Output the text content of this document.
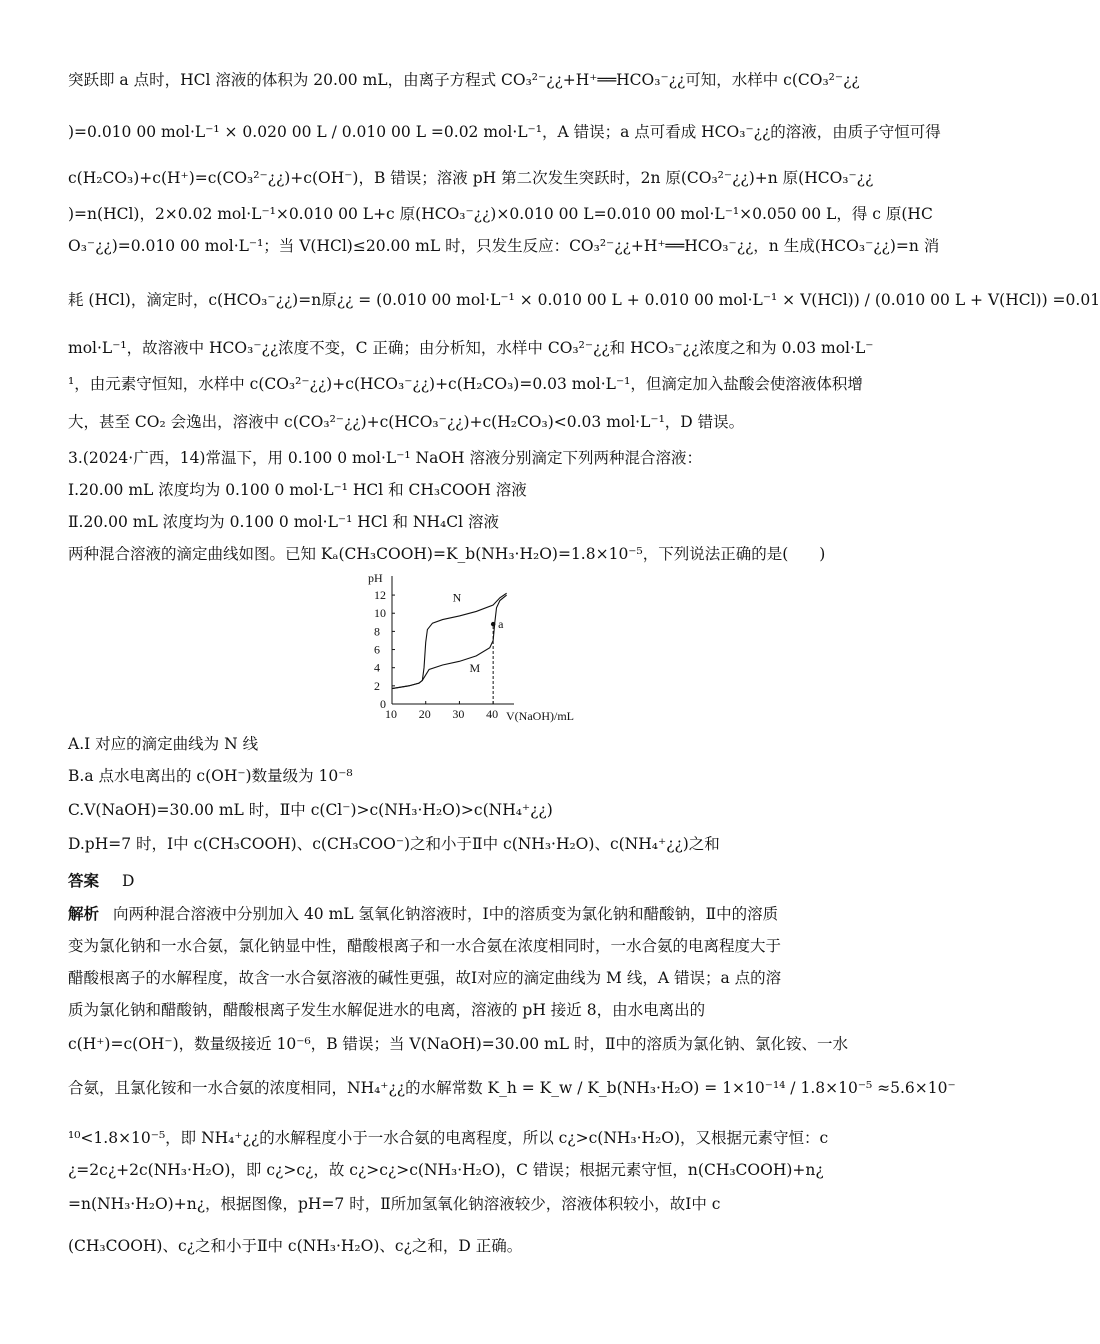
突跃即 a 点时，HCl 溶液的体积为 20.00 mL，由离子方程式 CO₃²⁻¿¿+H⁺══HCO₃⁻¿¿可知，水样中 c(CO₃²⁻¿¿
)=0.010 00 mol·L⁻¹ × 0.020 00 L / 0.010 00 L =0.02 mol·L⁻¹，A 错误；a 点可看成 HCO₃⁻¿¿的溶液，由质子守恒可得
c(H₂CO₃)+c(H⁺)=c(CO₃²⁻¿¿)+c(OH⁻)，B 错误；溶液 pH 第二次发生突跃时，2n 原(CO₃²⁻¿¿)+n 原(HCO₃⁻¿¿
)=n(HCl)，2×0.02 mol·L⁻¹×0.010 00 L+c 原(HCO₃⁻¿¿)×0.010 00 L=0.010 00 mol·L⁻¹×0.050 00 L，得 c 原(HC
O₃⁻¿¿)=0.010 00 mol·L⁻¹；当 V(HCl)≤20.00 mL 时，只发生反应：CO₃²⁻¿¿+H⁺══HCO₃⁻¿¿，n 生成(HCO₃⁻¿¿)=n 消
耗 (HCl)，滴定时，c(HCO₃⁻¿¿)=n原¿¿ = (0.010 00 mol·L⁻¹ × 0.010 00 L + 0.010 00 mol·L⁻¹ × V(HCl)) / (0.010 00 L + V(HCl)) =0.01
mol·L⁻¹，故溶液中 HCO₃⁻¿¿浓度不变，C 正确；由分析知，水样中 CO₃²⁻¿¿和 HCO₃⁻¿¿浓度之和为 0.03 mol·L⁻
¹，由元素守恒知，水样中 c(CO₃²⁻¿¿)+c(HCO₃⁻¿¿)+c(H₂CO₃)=0.03 mol·L⁻¹，但滴定加入盐酸会使溶液体积增
大，甚至 CO₂ 会逸出，溶液中 c(CO₃²⁻¿¿)+c(HCO₃⁻¿¿)+c(H₂CO₃)<0.03 mol·L⁻¹，D 错误。
3.(2024·广西，14)常温下，用 0.100 0 mol·L⁻¹ NaOH 溶液分别滴定下列两种混合溶液：
Ⅰ.20.00 mL 浓度均为 0.100 0 mol·L⁻¹ HCl 和 CH₃COOH 溶液
Ⅱ.20.00 mL 浓度均为 0.100 0 mol·L⁻¹ HCl 和 NH₄Cl 溶液
两种混合溶液的滴定曲线如图。已知 Kₐ(CH₃COOH)=K_b(NH₃·H₂O)=1.8×10⁻⁵，下列说法正确的是(　　)
pH
V(NaOH)/mL
0
2
4
6
8
10
12
10 20 30 40
N
M
a
A.Ⅰ 对应的滴定曲线为 N 线
B.a 点水电离出的 c(OH⁻)数量级为 10⁻⁸
C.V(NaOH)=30.00 mL 时，Ⅱ中 c(Cl⁻)>c(NH₃·H₂O)>c(NH₄⁺¿¿)
D.pH=7 时，Ⅰ中 c(CH₃COOH)、c(CH₃COO⁻)之和小于Ⅱ中 c(NH₃·H₂O)、c(NH₄⁺¿¿)之和
答案 D
解析 向两种混合溶液中分别加入 40 mL 氢氧化钠溶液时，Ⅰ中的溶质变为氯化钠和醋酸钠，Ⅱ中的溶质
变为氯化钠和一水合氨，氯化钠显中性，醋酸根离子和一水合氨在浓度相同时，一水合氨的电离程度大于
醋酸根离子的水解程度，故含一水合氨溶液的碱性更强，故Ⅰ对应的滴定曲线为 M 线，A 错误；a 点的溶
质为氯化钠和醋酸钠，醋酸根离子发生水解促进水的电离，溶液的 pH 接近 8，由水电离出的
c(H⁺)=c(OH⁻)，数量级接近 10⁻⁶，B 错误；当 V(NaOH)=30.00 mL 时，Ⅱ中的溶质为氯化钠、氯化铵、一水
合氨，且氯化铵和一水合氨的浓度相同，NH₄⁺¿¿的水解常数 K_h = K_w / K_b(NH₃·H₂O) = 1×10⁻¹⁴ / 1.8×10⁻⁵ ≈5.6×10⁻
¹⁰<1.8×10⁻⁵，即 NH₄⁺¿¿的水解程度小于一水合氨的电离程度，所以 c¿>c(NH₃·H₂O)，又根据元素守恒：c
¿=2c¿+2c(NH₃·H₂O)，即 c¿>c¿，故 c¿>c¿>c(NH₃·H₂O)，C 错误；根据元素守恒，n(CH₃COOH)+n¿
=n(NH₃·H₂O)+n¿，根据图像，pH=7 时，Ⅱ所加氢氧化钠溶液较少，溶液体积较小，故Ⅰ中 c
(CH₃COOH)、c¿之和小于Ⅱ中 c(NH₃·H₂O)、c¿之和，D 正确。
